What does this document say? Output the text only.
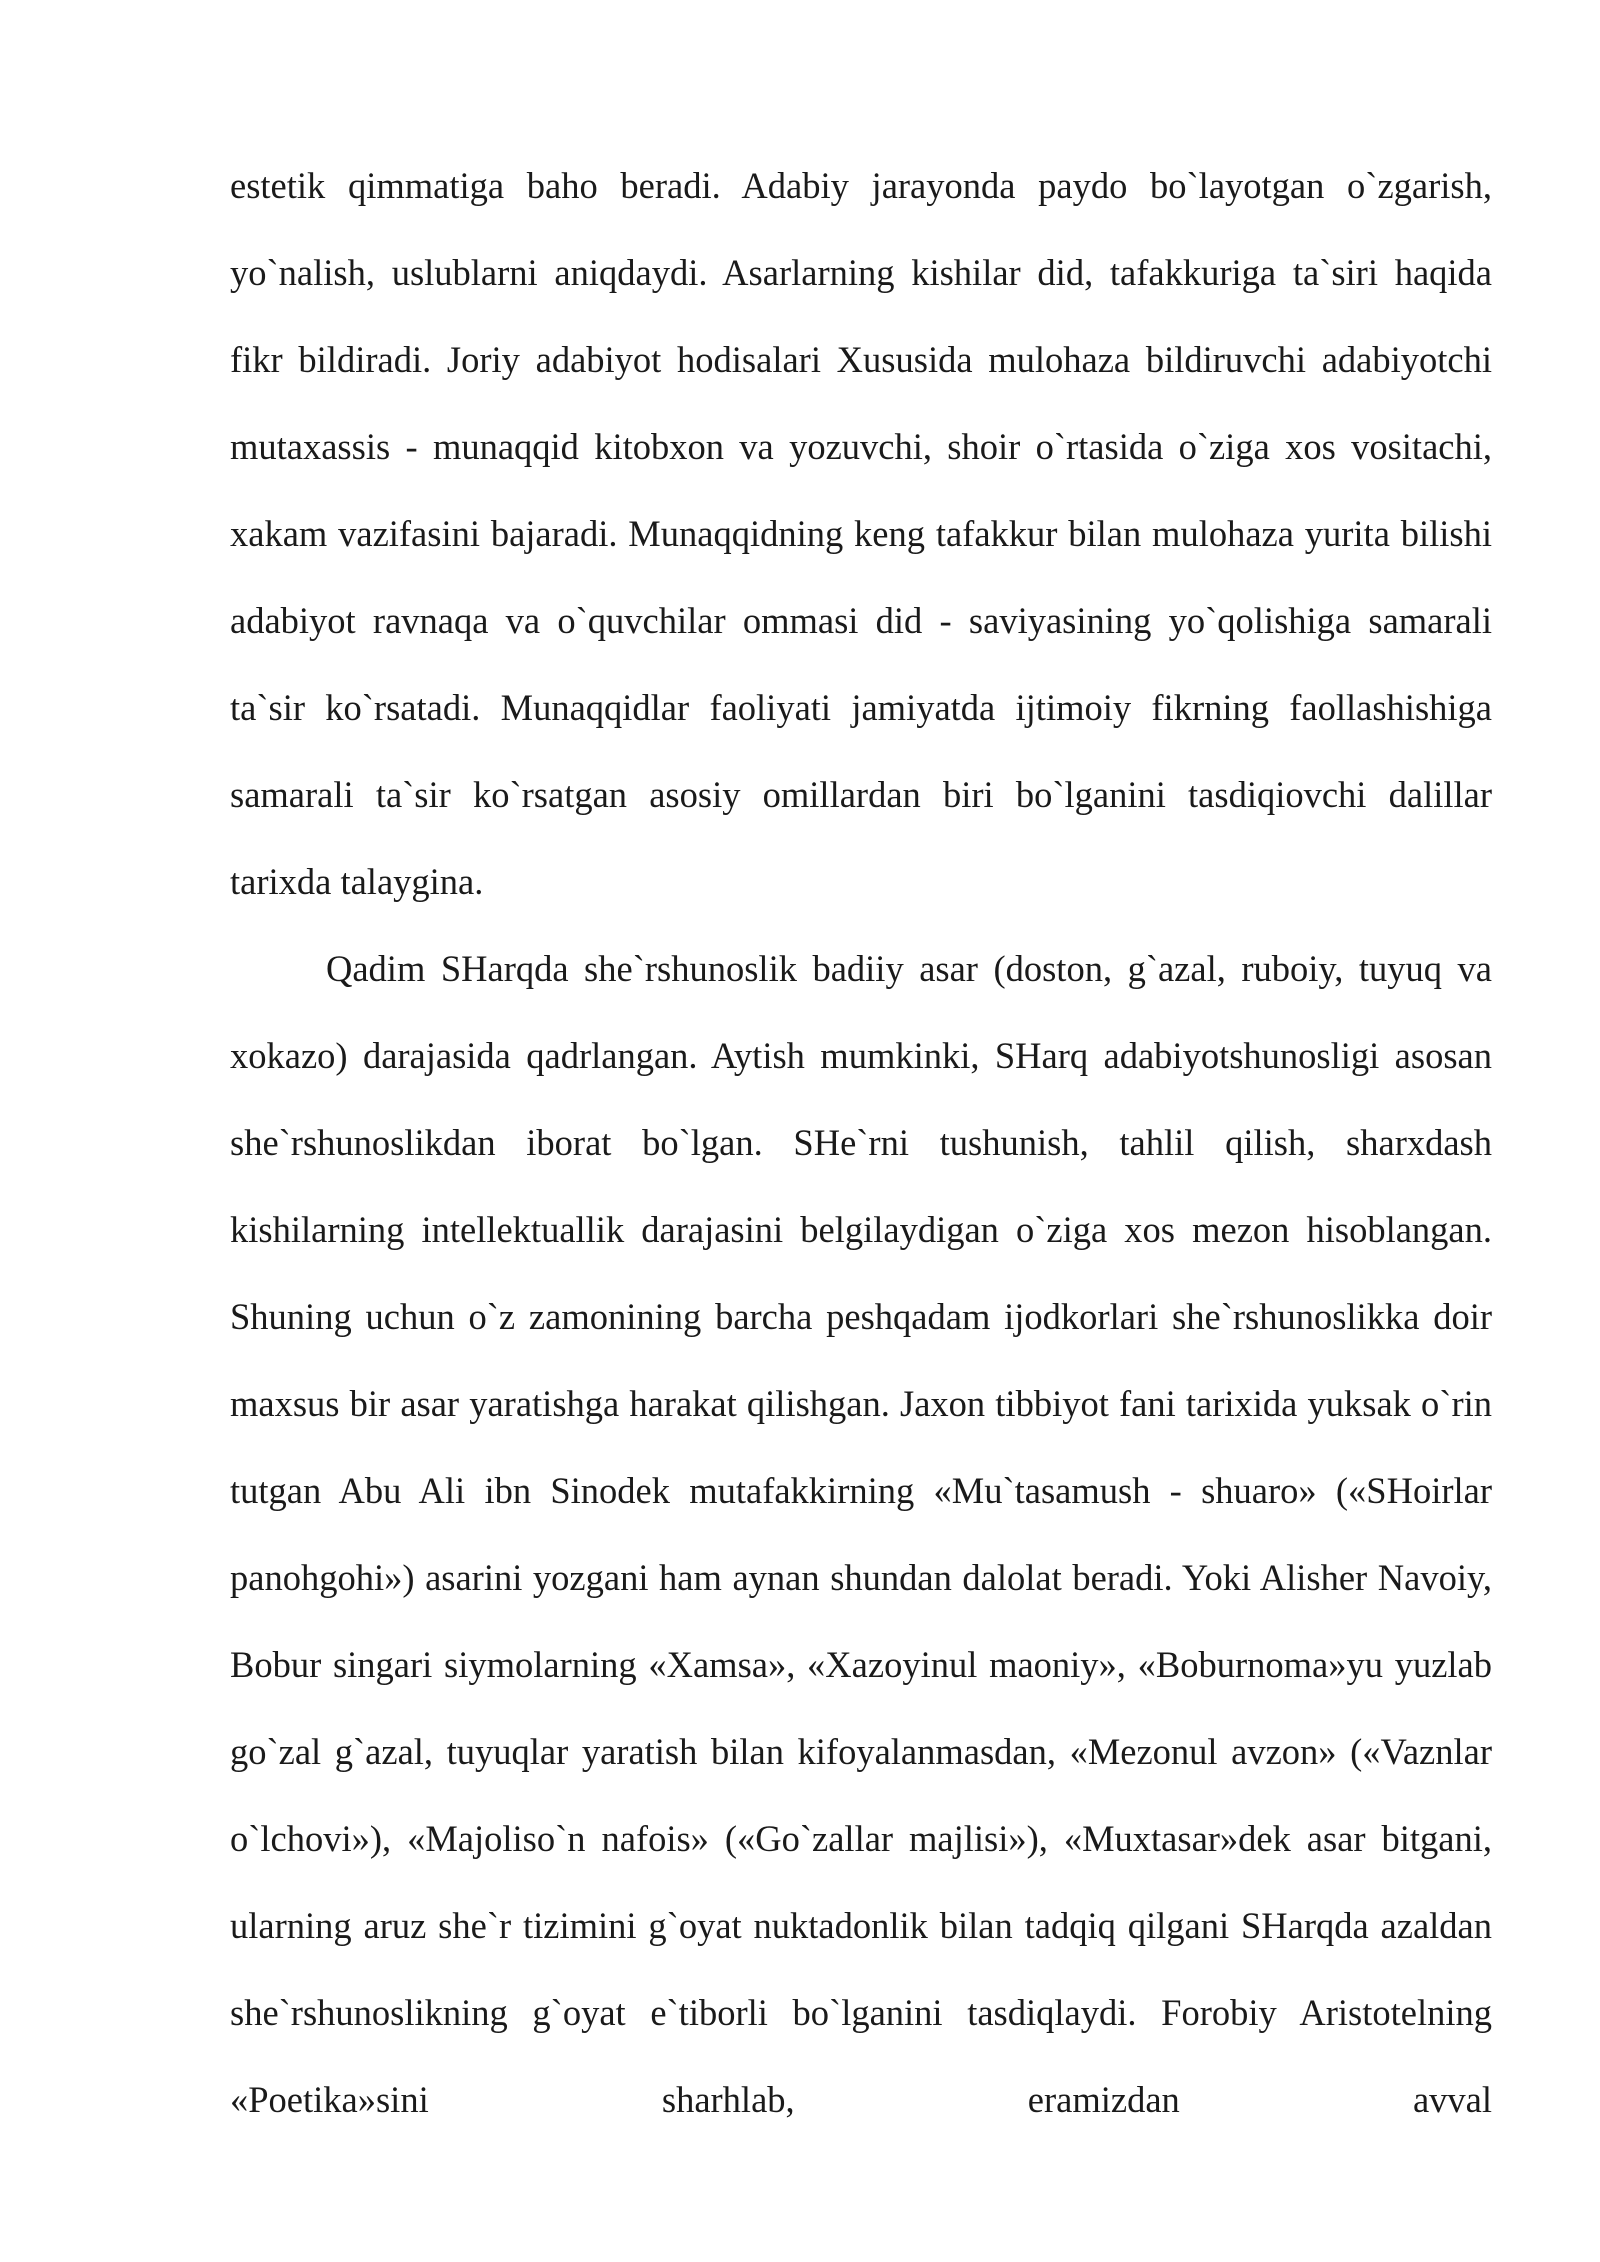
estetik qimmatiga baho beradi. Adabiy jarayonda paydo bo`layotgan o`zgarish, yo`nalish, uslublarni aniqdaydi. Asarlarning kishilar did, tafakkuriga ta`siri haqida fikr bildiradi. Joriy adabiyot hodisalari Xususida mulohaza bildiruvchi adabiyotchi mutaxassis - munaqqid kitobxon va yozuvchi, shoir o`rtasida o`ziga xos vositachi, xakam vazifasini bajaradi. Munaqqidning keng tafakkur bilan mulohaza yurita bilishi adabiyot ravnaqa va o`quvchilar ommasi did - saviyasining yo`qolishiga samarali ta`sir ko`rsatadi. Munaqqidlar faoliyati jamiyatda ijtimoiy fikrning faollashishiga samarali ta`sir ko`rsatgan asosiy omillardan biri bo`lganini tasdiqiovchi dalillar tarixda talaygina.

Qadim SHarqda she`rshunoslik badiiy asar (doston, g`azal, ruboiy, tuyuq va xokazo) darajasida qadrlangan. Aytish mumkinki, SHarq adabiyotshunosligi asosan she`rshunoslikdan iborat bo`lgan. SHe`rni tushunish, tahlil qilish, sharxdash kishilarning intellektuallik darajasini belgilaydigan o`ziga xos mezon hisoblangan. Shuning uchun o`z zamonining barcha peshqadam ijodkorlari she`rshunoslikka doir maxsus bir asar yaratishga harakat qilishgan. Jaxon tibbiyot fani tarixida yuksak o`rin tutgan Abu Ali ibn Sinodek mutafakkirning «Mu`tasamush - shuaro» («SHoirlar panohgohi») asarini yozgani ham aynan shundan dalolat beradi. Yoki Alisher Navoiy, Bobur singari siymolarning «Xamsa», «Xazoyinul maoniy», «Boburnoma»yu yuzlab go`zal g`azal, tuyuqlar yaratish bilan kifoyalanmasdan, «Mezonul avzon» («Vaznlar o`lchovi»), «Majoliso`n nafois» («Go`zallar majlisi»), «Muxtasar»dek asar bitgani, ularning aruz she`r tizimini g`oyat nuktadonlik bilan tadqiq qilgani SHarqda azaldan she`rshunoslikning g`oyat e`tiborli bo`lganini tasdiqlaydi. Forobiy Aristotelning «Poetika»sini sharhlab, eramizdan avval
